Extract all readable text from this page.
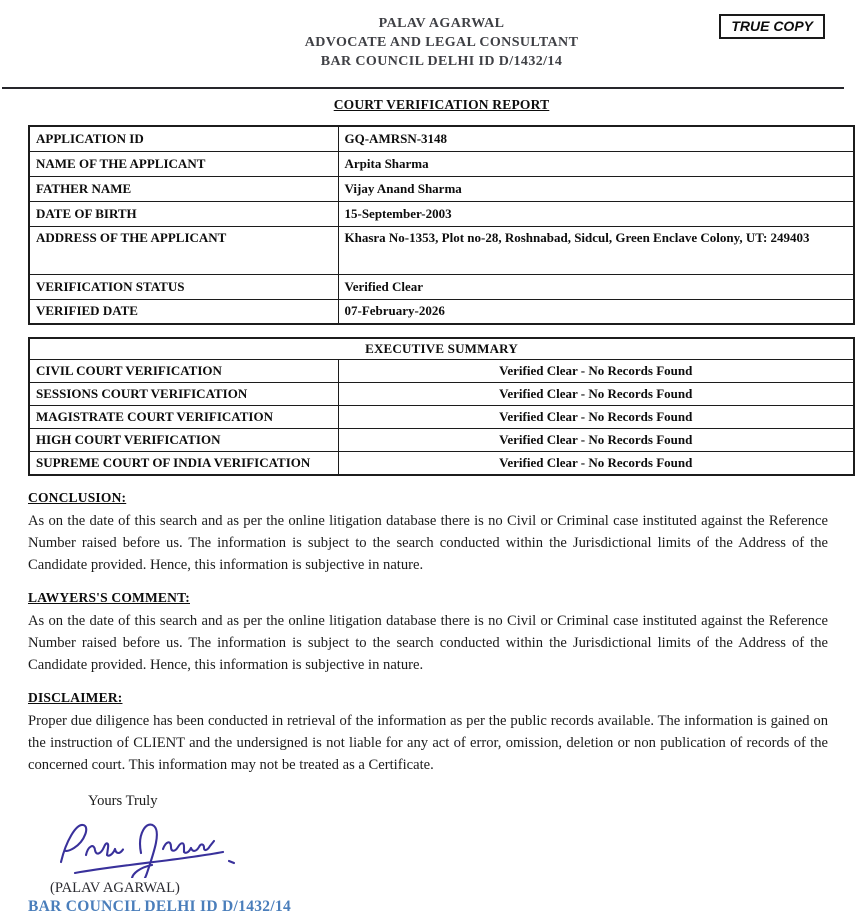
PALAV AGARWAL
ADVOCATE AND LEGAL CONSULTANT
BAR COUNCIL DELHI ID D/1432/14
TRUE COPY
COURT VERIFICATION REPORT
APPLICATION ID	GQ-AMRSN-3148
NAME OF THE APPLICANT	Arpita Sharma
FATHER NAME	Vijay Anand Sharma
DATE OF BIRTH	15-September-2003
ADDRESS OF THE APPLICANT	Khasra No-1353, Plot no-28, Roshnabad, Sidcul, Green Enclave Colony, UT: 249403
VERIFICATION STATUS	Verified Clear
VERIFIED DATE	07-February-2026
EXECUTIVE SUMMARY	
CIVIL COURT VERIFICATION	Verified Clear - No Records Found
SESSIONS COURT VERIFICATION	Verified Clear - No Records Found
MAGISTRATE COURT VERIFICATION	Verified Clear - No Records Found
HIGH COURT VERIFICATION	Verified Clear - No Records Found
SUPREME COURT OF INDIA VERIFICATION	Verified Clear - No Records Found
CONCLUSION:
As on the date of this search and as per the online litigation database there is no Civil or Criminal case instituted against the Reference Number raised before us. The information is subject to the search conducted within the Jurisdictional limits of the Address of the Candidate provided. Hence, this information is subjective in nature.
LAWYERS'S COMMENT:
As on the date of this search and as per the online litigation database there is no Civil or Criminal case instituted against the Reference Number raised before us. The information is subject to the search conducted within the Jurisdictional limits of the Address of the Candidate provided. Hence, this information is subjective in nature.
DISCLAIMER:
Proper due diligence has been conducted in retrieval of the information as per the public records available. The information is gained on the instruction of CLIENT and the undersigned is not liable for any act of error, omission, deletion or non publication of records of the concerned court. This information may not be treated as a Certificate.
Yours Truly
(PALAV AGARWAL)
BAR COUNCIL DELHI ID D/1432/14
